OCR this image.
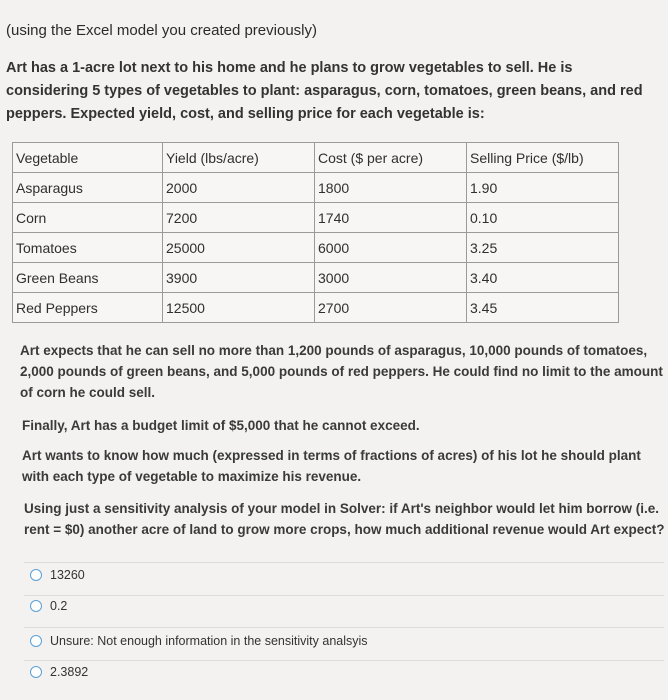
(using the Excel model you created previously)
Art has a 1-acre lot next to his home and he plans to grow vegetables to sell. He is considering 5 types of vegetables to plant: asparagus, corn, tomatoes, green beans, and red peppers. Expected yield, cost, and selling price for each vegetable is:
Vegetable	Yield (lbs/acre)	Cost ($ per acre)	Selling Price ($/lb)
Asparagus	2000	1800	1.90
Corn	7200	1740	0.10
Tomatoes	25000	6000	3.25
Green Beans	3900	3000	3.40
Red Peppers	12500	2700	3.45
Art expects that he can sell no more than 1,200 pounds of asparagus, 10,000 pounds of tomatoes, 2,000 pounds of green beans, and 5,000 pounds of red peppers. He could find no limit to the amount of corn he could sell.
Finally, Art has a budget limit of $5,000 that he cannot exceed.
Art wants to know how much (expressed in terms of fractions of acres) of his lot he should plant with each type of vegetable to maximize his revenue.
Using just a sensitivity analysis of your model in Solver: if Art's neighbor would let him borrow (i.e. rent = $0) another acre of land to grow more crops, how much additional revenue would Art expect?
13260
0.2
Unsure: Not enough information in the sensitivity analsyis
2.3892
